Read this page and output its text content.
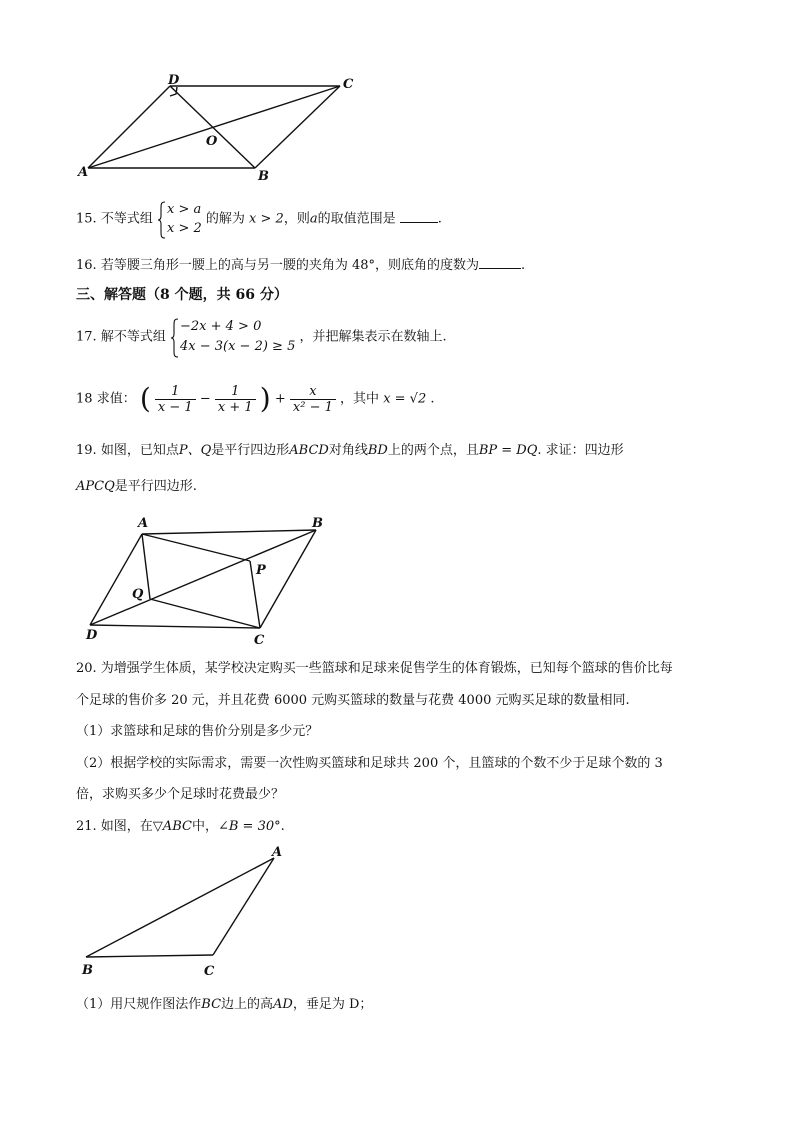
D	C
O
A	B
15. 不等式组
x > a
x > 2
的解为 x > 2，则a的取值范围是	.
16. 若等腰三角形一腰上的高与另一腰的夹角为 48°，则底角的度数为	.
三、解答题（8 个题，共 66 分）
17. 解不等式组
−2x + 4 > 0
4x − 3(x − 2) ≥ 5
，并把解集表示在数轴上.
18 求值： ( $\frac{1}{x - 1} - \frac{1}{x + 1}$ ) + $\frac{x}{\text{x² − 1}}$ ，其中 x = √2 .
19. 如图，已知点P、Q是平行四边形ABCD对角线BD上的两个点，且BP = DQ. 求证：四边形
APCQ是平行四边形.
A	B
P
Q
D	C
20. 为增强学生体质，某学校决定购买一些篮球和足球来促售学生的体育锻炼，已知每个篮球的售价比每
个足球的售价多 20 元，并且花费 6000 元购买篮球的数量与花费 4000 元购买足球的数量相同.
（1）求篮球和足球的售价分别是多少元？
（2）根据学校的实际需求，需要一次性购买篮球和足球共 200 个，且篮球的个数不少于足球个数的 3
倍，求购买多少个足球时花费最少？
21. 如图，在▽ABC中，∠B = 30°.
A
B	C
（1）用尺规作图法作BC边上的高AD，垂足为 D；
